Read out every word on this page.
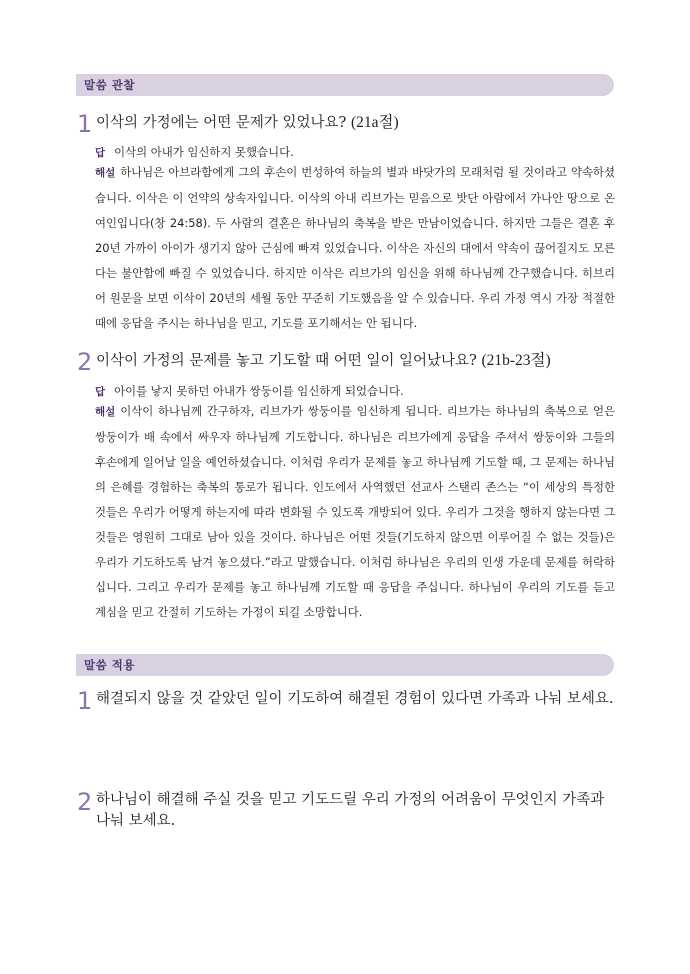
말씀 관찰
1 이삭의 가정에는 어떤 문제가 있었나요? (21a절)
답 이삭의 아내가 임신하지 못했습니다.
해설 하나님은 아브라함에게 그의 후손이 번성하여 하늘의 별과 바닷가의 모래처럼 될 것이라고 약속하셨습니다. 이삭은 이 언약의 상속자입니다. 이삭의 아내 리브가는 믿음으로 밧단 아람에서 가나안 땅으로 온 여인입니다(창 24:58). 두 사람의 결혼은 하나님의 축복을 받은 만남이었습니다. 하지만 그들은 결혼 후 20년 가까이 아이가 생기지 않아 근심에 빠져 있었습니다. 이삭은 자신의 대에서 약속이 끊어질지도 모른다는 불안함에 빠질 수 있었습니다. 하지만 이삭은 리브가의 임신을 위해 하나님께 간구했습니다. 히브리어 원문을 보면 이삭이 20년의 세월 동안 꾸준히 기도했음을 알 수 있습니다. 우리 가정 역시 가장 적절한 때에 응답을 주시는 하나님을 믿고, 기도를 포기해서는 안 됩니다.
2 이삭이 가정의 문제를 놓고 기도할 때 어떤 일이 일어났나요? (21b-23절)
답 아이를 낳지 못하던 아내가 쌍둥이를 임신하게 되었습니다.
해설 이삭이 하나님께 간구하자, 리브가가 쌍둥이를 임신하게 됩니다. 리브가는 하나님의 축복으로 얻은 쌍둥이가 배 속에서 싸우자 하나님께 기도합니다. 하나님은 리브가에게 응답을 주셔서 쌍둥이와 그들의 후손에게 일어날 일을 예언하셨습니다. 이처럼 우리가 문제를 놓고 하나님께 기도할 때, 그 문제는 하나님의 은혜를 경험하는 축복의 통로가 됩니다. 인도에서 사역했던 선교사 스탠리 존스는 “이 세상의 특정한 것들은 우리가 어떻게 하는지에 따라 변화될 수 있도록 개방되어 있다. 우리가 그것을 행하지 않는다면 그것들은 영원히 그대로 남아 있을 것이다. 하나님은 어떤 것들(기도하지 않으면 이루어질 수 없는 것들)은 우리가 기도하도록 남겨 놓으셨다.”라고 말했습니다. 이처럼 하나님은 우리의 인생 가운데 문제를 허락하십니다. 그리고 우리가 문제를 놓고 하나님께 기도할 때 응답을 주십니다. 하나님이 우리의 기도를 듣고 계심을 믿고 간절히 기도하는 가정이 되길 소망합니다.
말씀 적용
1 해결되지 않을 것 같았던 일이 기도하여 해결된 경험이 있다면 가족과 나눠 보세요.
2 하나님이 해결해 주실 것을 믿고 기도드릴 우리 가정의 어려움이 무엇인지 가족과 나눠 보세요.
